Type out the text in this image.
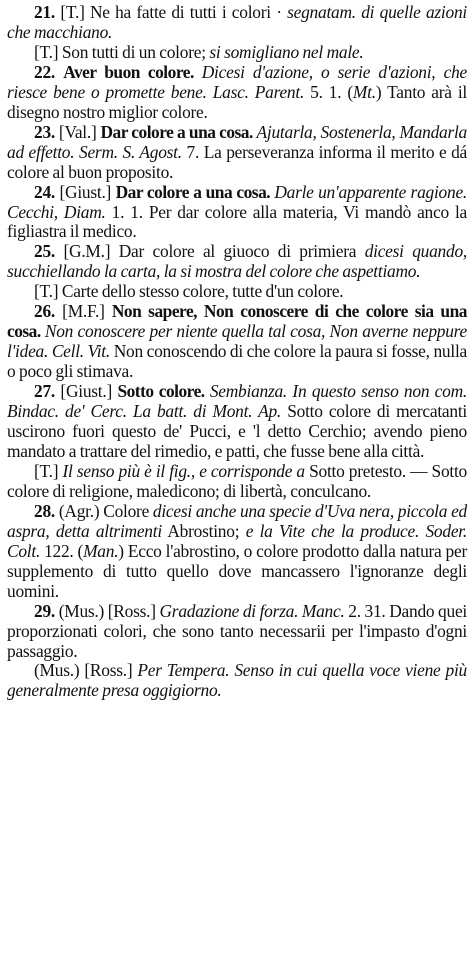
21. [T.] Ne ha fatte di tutti i colori · segnatam. di quelle azioni che macchiano.

[T.] Son tutti di un colore; si somigliano nel male.

22. Aver buon colore. Dicesi d'azione, o serie d'azioni, che riesce bene o promette bene. Lasc. Parent. 5. 1. (Mt.) Tanto arà il disegno nostro miglior colore.

23. [Val.] Dar colore a una cosa. Ajutarla, Sostenerla, Mandarla ad effetto. Serm. S. Agost. 7. La perseveranza informa il merito e dá colore al buon proposito.

24. [Giust.] Dar colore a una cosa. Darle un'apparente ragione. Cecchi, Diam. 1. 1. Per dar colore alla materia, Vi mandò anco la figliastra il medico.

25. [G.M.] Dar colore al giuoco di primiera dicesi quando, succhiellando la carta, la si mostra del colore che aspettiamo.

[T.] Carte dello stesso colore, tutte d'un colore.

26. [M.F.] Non sapere, Non conoscere di che colore sia una cosa. Non conoscere per niente quella tal cosa, Non averne neppure l'idea. Cell. Vit. Non conoscendo di che colore la paura si fosse, nulla o poco gli stimava.

27. [Giust.] Sotto colore. Sembianza. In questo senso non com. Bindac. de' Cerc. La batt. di Mont. Ap. Sotto colore di mercatanti uscirono fuori questo de' Pucci, e 'l detto Cerchio; avendo pieno mandato a trattare del rimedio, e patti, che fusse bene alla città.

[T.] Il senso più è il fig., e corrisponde a Sotto pretesto. — Sotto colore di religione, maledicono; di libertà, conculcano.

28. (Agr.) Colore dicesi anche una specie d'Uva nera, piccola ed aspra, detta altrimenti Abrostino; e la Vite che la produce. Soder. Colt. 122. (Man.) Ecco l'abrostino, o colore prodotto dalla natura per supplemento di tutto quello dove mancassero l'ignoranze degli uomini.

29. (Mus.) [Ross.] Gradazione di forza. Manc. 2. 31. Dando quei proporzionati colori, che sono tanto necessarii per l'impasto d'ogni passaggio.

(Mus.) [Ross.] Per Tempera. Senso in cui quella voce viene più generalmente presa oggigiorno.
